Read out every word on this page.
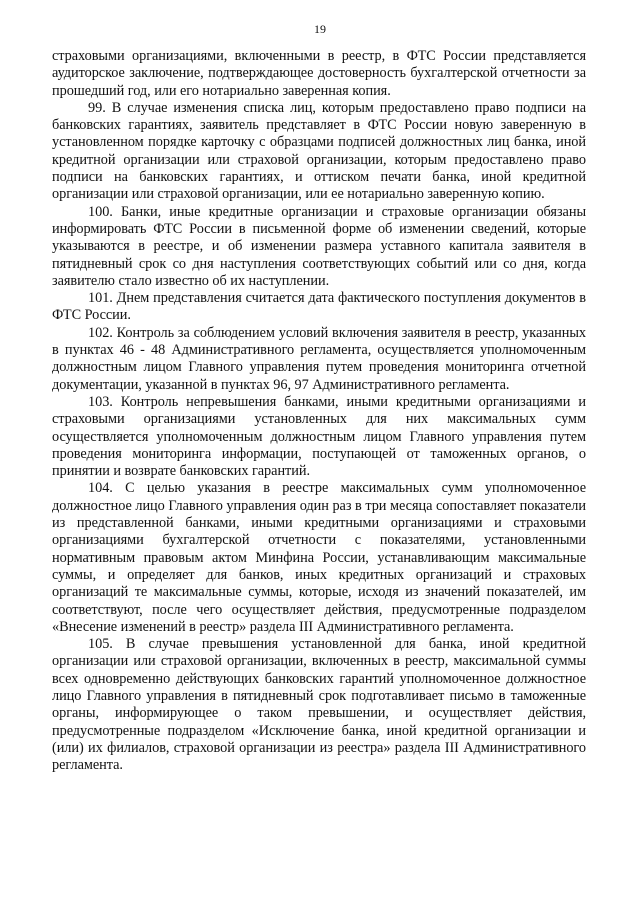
19

страховыми организациями, включенными в реестр, в ФТС России представляется аудиторское заключение, подтверждающее достоверность бухгалтерской отчетности за прошедший год, или его нотариально заверенная копия.

99. В случае изменения списка лиц, которым предоставлено право подписи на банковских гарантиях, заявитель представляет в ФТС России новую заверенную в установленном порядке карточку с образцами подписей должностных лиц банка, иной кредитной организации или страховой организации, которым предоставлено право подписи на банковских гарантиях, и оттиском печати банка, иной кредитной организации или страховой организации, или ее нотариально заверенную копию.

100. Банки, иные кредитные организации и страховые организации обязаны информировать ФТС России в письменной форме об изменении сведений, которые указываются в реестре, и об изменении размера уставного капитала заявителя в пятидневный срок со дня наступления соответствующих событий или со дня, когда заявителю стало известно об их наступлении.

101. Днем представления считается дата фактического поступления документов в ФТС России.

102. Контроль за соблюдением условий включения заявителя в реестр, указанных в пунктах 46 - 48 Административного регламента, осуществляется уполномоченным должностным лицом Главного управления путем проведения мониторинга отчетной документации, указанной в пунктах 96, 97 Административного регламента.

103. Контроль непревышения банками, иными кредитными организациями и страховыми организациями установленных для них максимальных сумм осуществляется уполномоченным должностным лицом Главного управления путем проведения мониторинга информации, поступающей от таможенных органов, о принятии и возврате банковских гарантий.

104. С целью указания в реестре максимальных сумм уполномоченное должностное лицо Главного управления один раз в три месяца сопоставляет показатели из представленной банками, иными кредитными организациями и страховыми организациями бухгалтерской отчетности с показателями, установленными нормативным правовым актом Минфина России, устанавливающим максимальные суммы, и определяет для банков, иных кредитных организаций и страховых организаций те максимальные суммы, которые, исходя из значений показателей, им соответствуют, после чего осуществляет действия, предусмотренные подразделом «Внесение изменений в реестр» раздела III Административного регламента.

105. В случае превышения установленной для банка, иной кредитной организации или страховой организации, включенных в реестр, максимальной суммы всех одновременно действующих банковских гарантий уполномоченное должностное лицо Главного управления в пятидневный срок подготавливает письмо в таможенные органы, информирующее о таком превышении, и осуществляет действия, предусмотренные подразделом «Исключение банка, иной кредитной организации и (или) их филиалов, страховой организации из реестра» раздела III Административного регламента.
